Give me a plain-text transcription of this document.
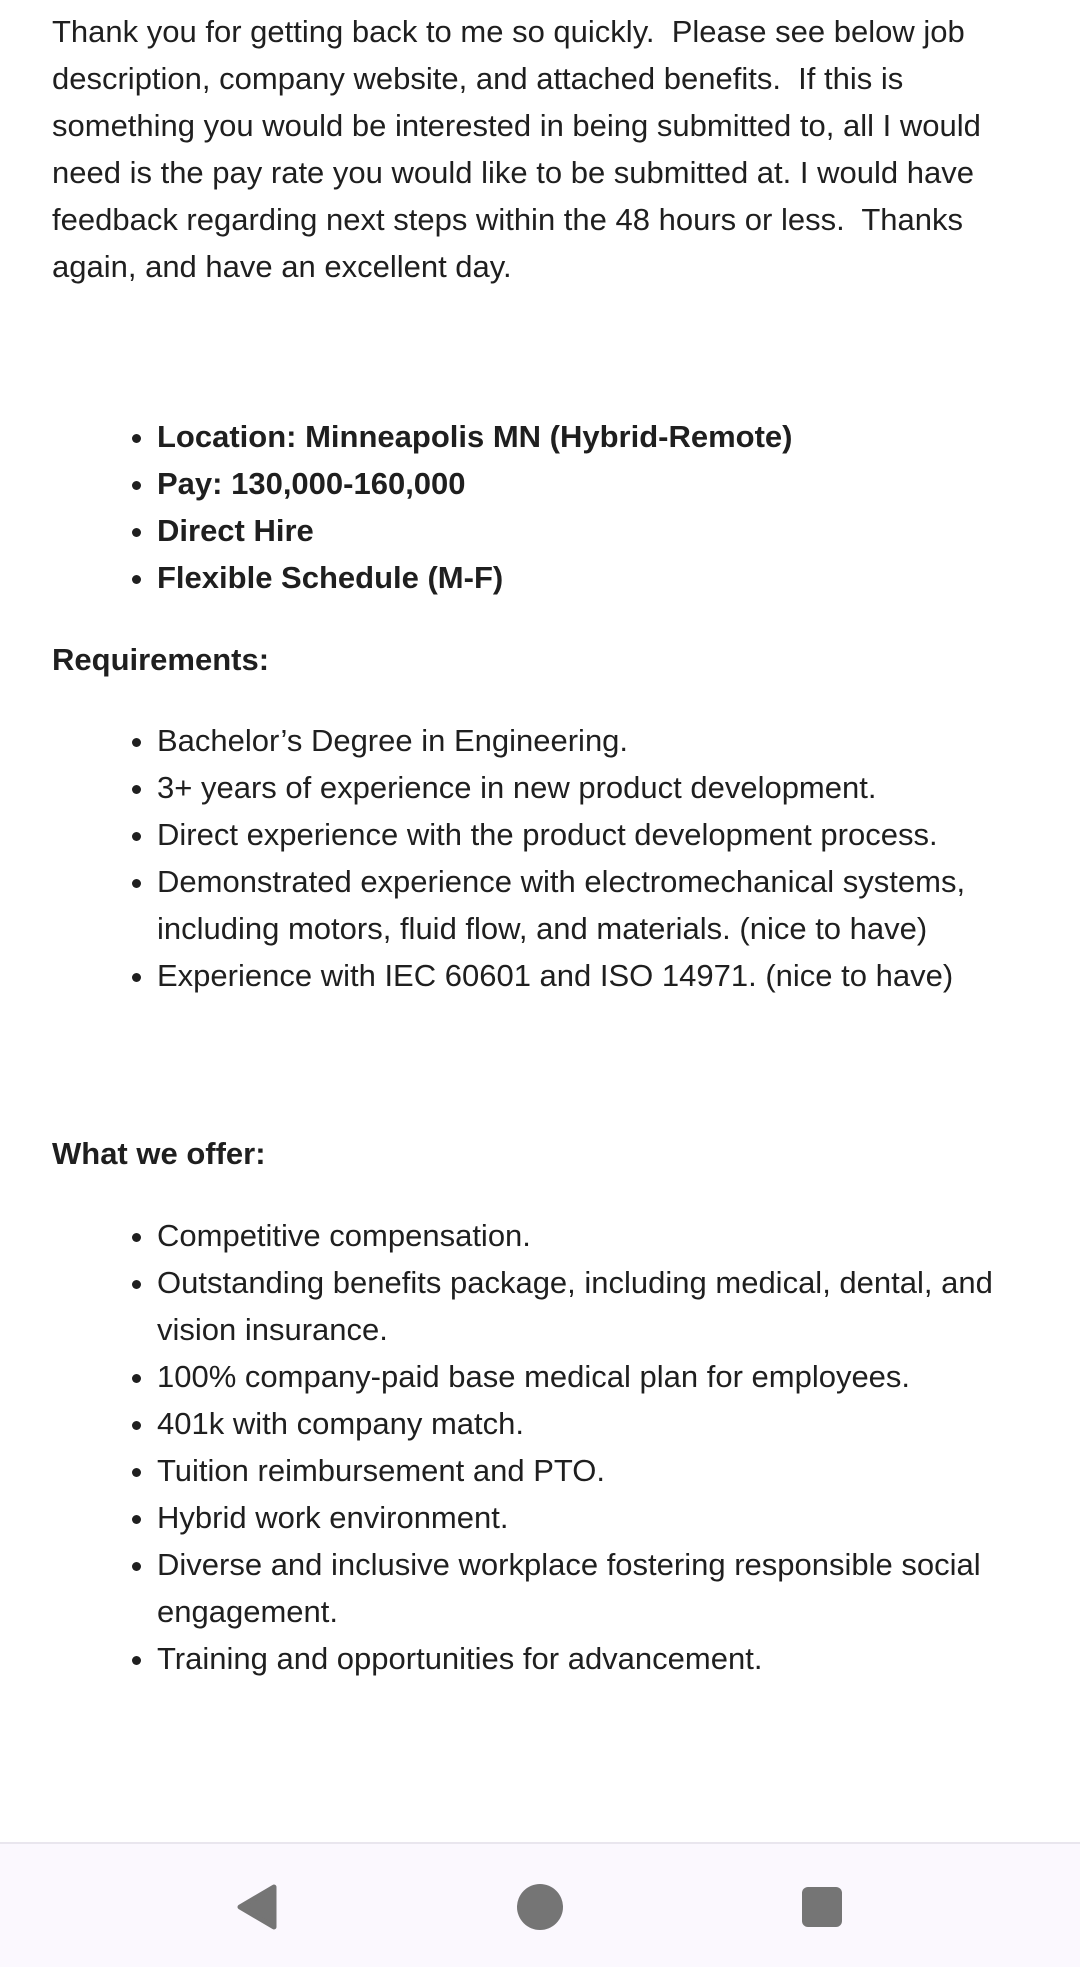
Thank you for getting back to me so quickly.  Please see below job description, company website, and attached benefits.  If this is something you would be interested in being submitted to, all I would need is the pay rate you would like to be submitted at. I would have feedback regarding next steps within the 48 hours or less.  Thanks again, and have an excellent day.

• Location: Minneapolis MN (Hybrid-Remote)
• Pay: 130,000-160,000
• Direct Hire
• Flexible Schedule (M-F)

Requirements:

• Bachelor’s Degree in Engineering.
• 3+ years of experience in new product development.
• Direct experience with the product development process.
• Demonstrated experience with electromechanical systems, including motors, fluid flow, and materials. (nice to have)
• Experience with IEC 60601 and ISO 14971. (nice to have)

What we offer:

• Competitive compensation.
• Outstanding benefits package, including medical, dental, and vision insurance.
• 100% company-paid base medical plan for employees.
• 401k with company match.
• Tuition reimbursement and PTO.
• Hybrid work environment.
• Diverse and inclusive workplace fostering responsible social engagement.
• Training and opportunities for advancement.
